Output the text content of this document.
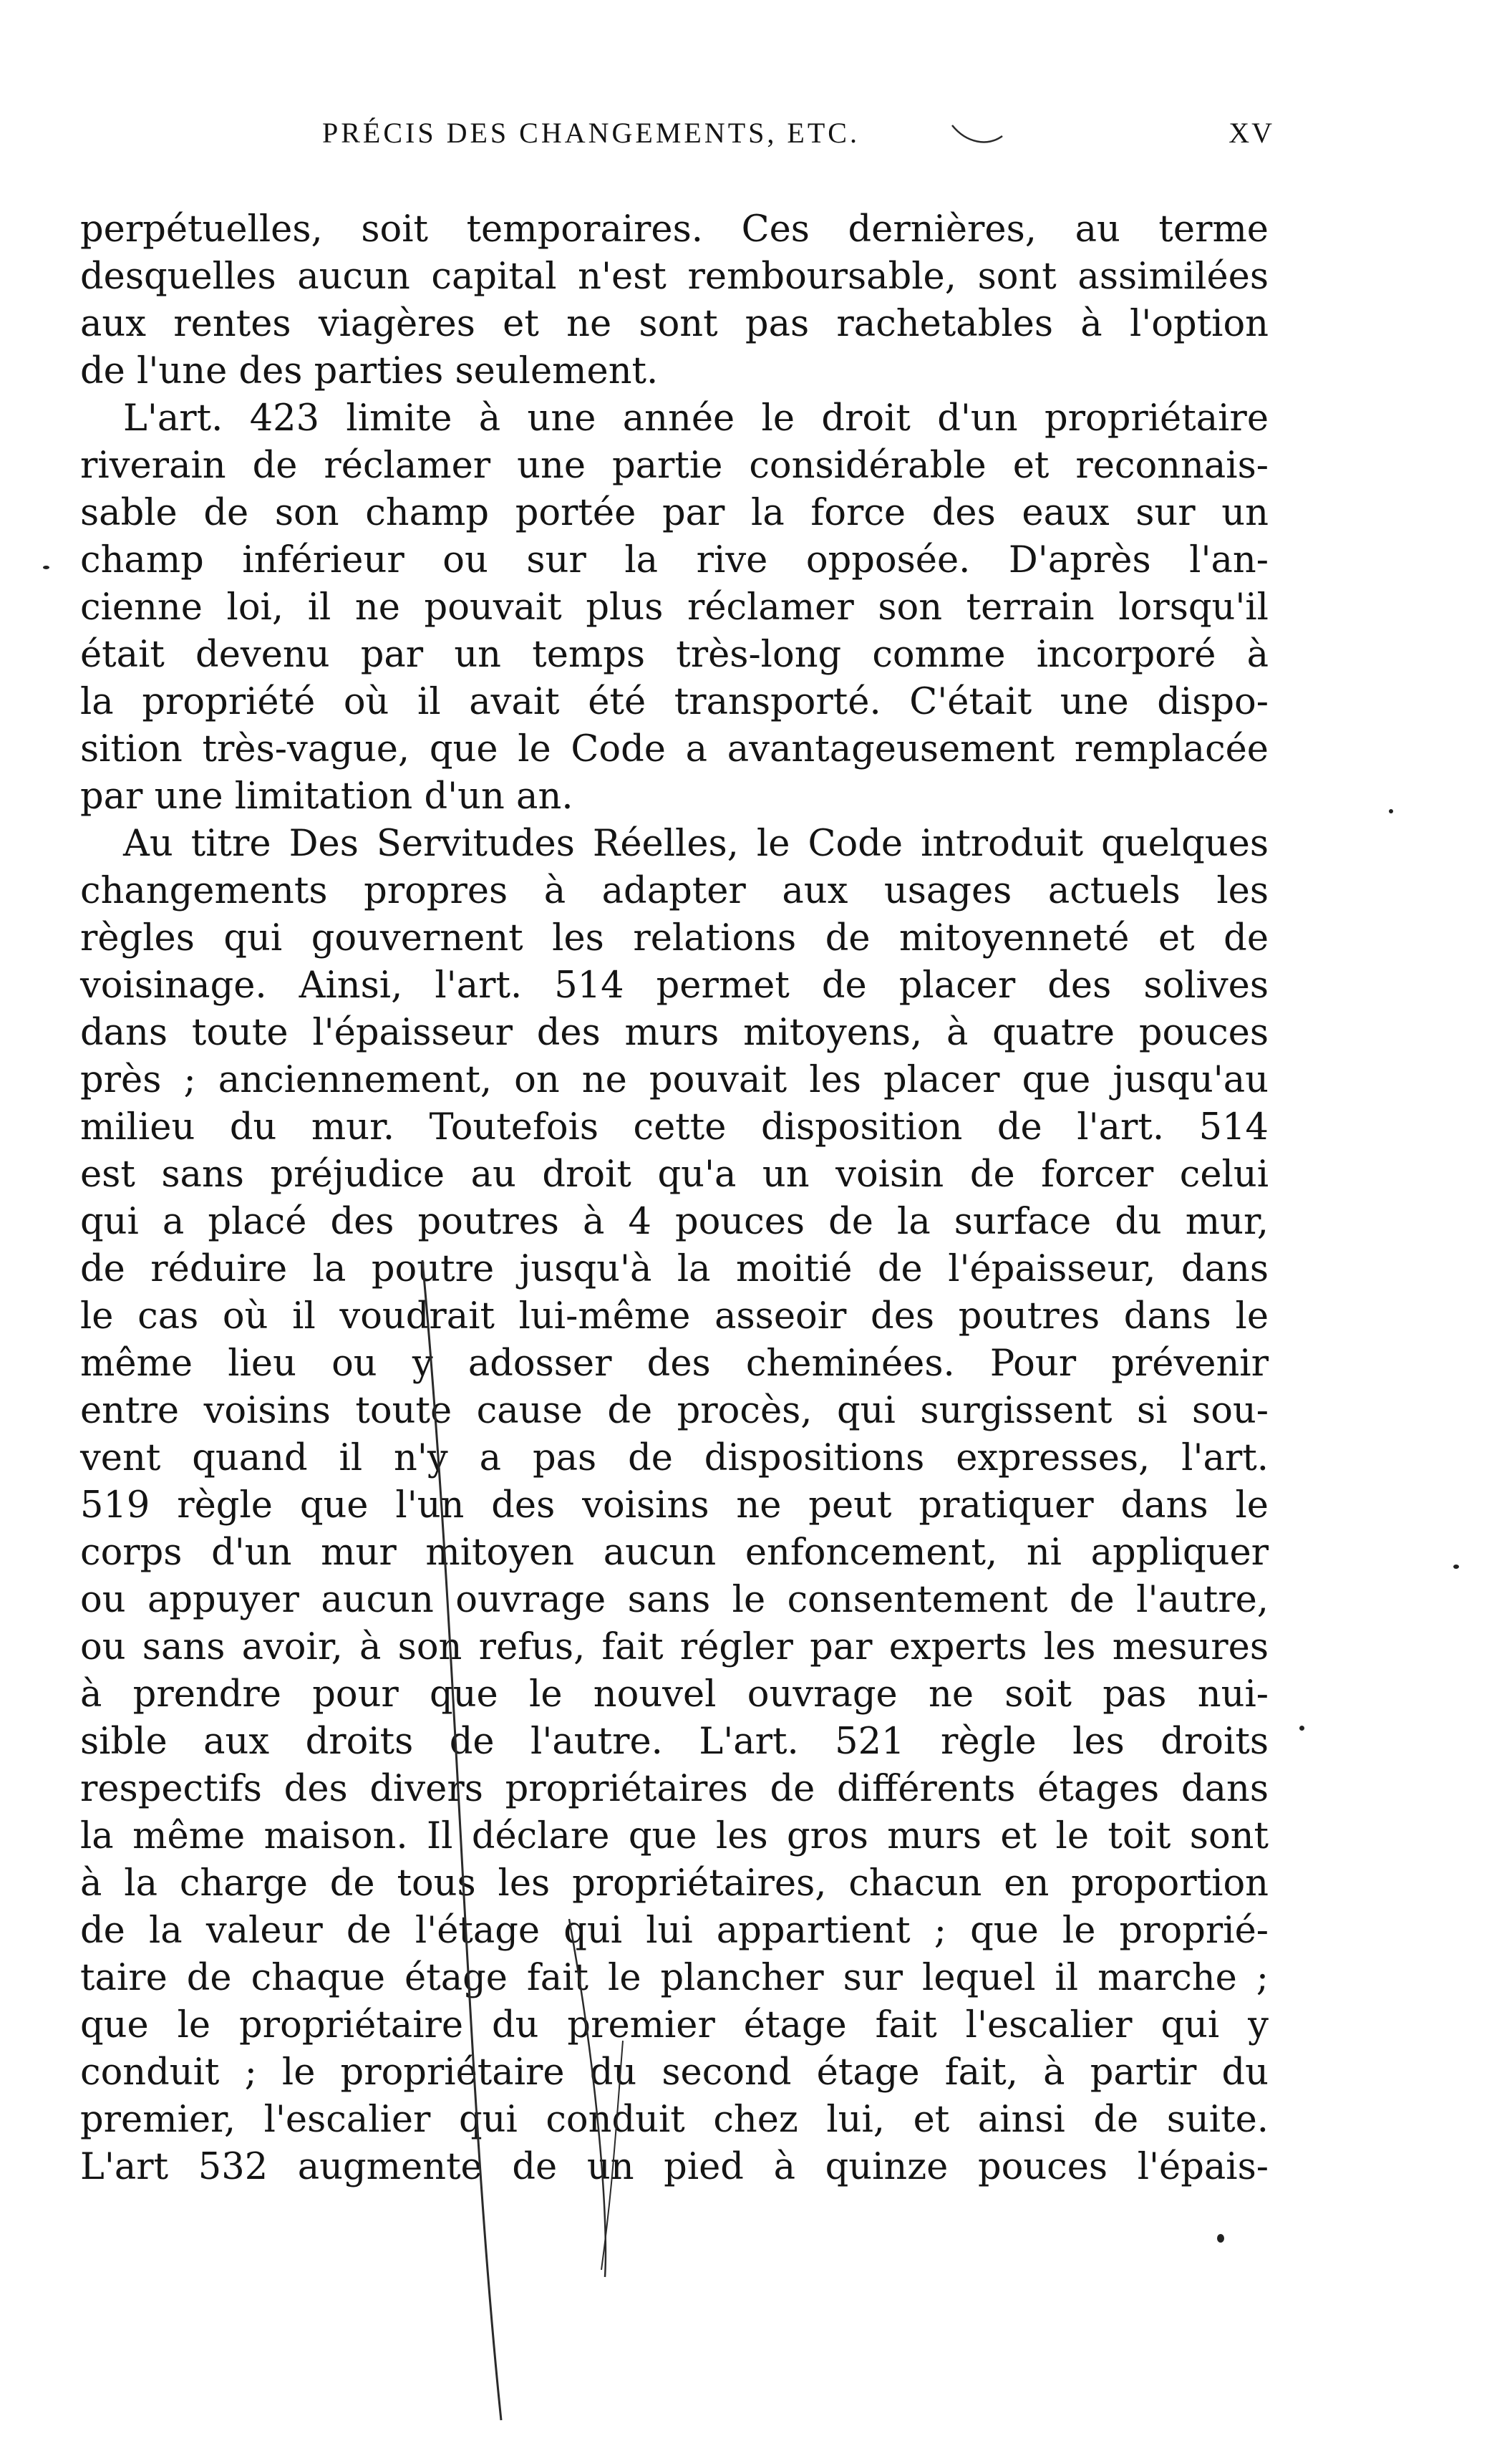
PRÉCIS DES CHANGEMENTS, ETC.	XV
perpétuelles, soit temporaires. Ces dernières, au terme
desquelles aucun capital n'est remboursable, sont assimilées
aux rentes viagères et ne sont pas rachetables à l'option
de l'une des parties seulement.
L'art. 423 limite à une année le droit d'un propriétaire
riverain de réclamer une partie considérable et reconnais-
sable de son champ portée par la force des eaux sur un
champ inférieur ou sur la rive opposée. D'après l'an-
cienne loi, il ne pouvait plus réclamer son terrain lorsqu'il
était devenu par un temps très-long comme incorporé à
la propriété où il avait été transporté. C'était une dispo-
sition très-vague, que le Code a avantageusement remplacée
par une limitation d'un an.
Au titre Des Servitudes Réelles, le Code introduit quelques
changements propres à adapter aux usages actuels les
règles qui gouvernent les relations de mitoyenneté et de
voisinage. Ainsi, l'art. 514 permet de placer des solives
dans toute l'épaisseur des murs mitoyens, à quatre pouces
près ; anciennement, on ne pouvait les placer que jusqu'au
milieu du mur. Toutefois cette disposition de l'art. 514
est sans préjudice au droit qu'a un voisin de forcer celui
qui a placé des poutres à 4 pouces de la surface du mur,
de réduire la poutre jusqu'à la moitié de l'épaisseur, dans
le cas où il voudrait lui-même asseoir des poutres dans le
même lieu ou y adosser des cheminées. Pour prévenir
entre voisins toute cause de procès, qui surgissent si sou-
vent quand il n'y a pas de dispositions expresses, l'art.
519 règle que l'un des voisins ne peut pratiquer dans le
corps d'un mur mitoyen aucun enfoncement, ni appliquer
ou appuyer aucun ouvrage sans le consentement de l'autre,
ou sans avoir, à son refus, fait régler par experts les mesures
à prendre pour que le nouvel ouvrage ne soit pas nui-
sible aux droits de l'autre. L'art. 521 règle les droits
respectifs des divers propriétaires de différents étages dans
la même maison. Il déclare que les gros murs et le toit sont
à la charge de tous les propriétaires, chacun en proportion
de la valeur de l'étage qui lui appartient ; que le proprié-
taire de chaque étage fait le plancher sur lequel il marche ;
que le propriétaire du premier étage fait l'escalier qui y
conduit ; le propriétaire du second étage fait, à partir du
premier, l'escalier qui conduit chez lui, et ainsi de suite.
L'art 532 augmente de un pied à quinze pouces l'épais-
